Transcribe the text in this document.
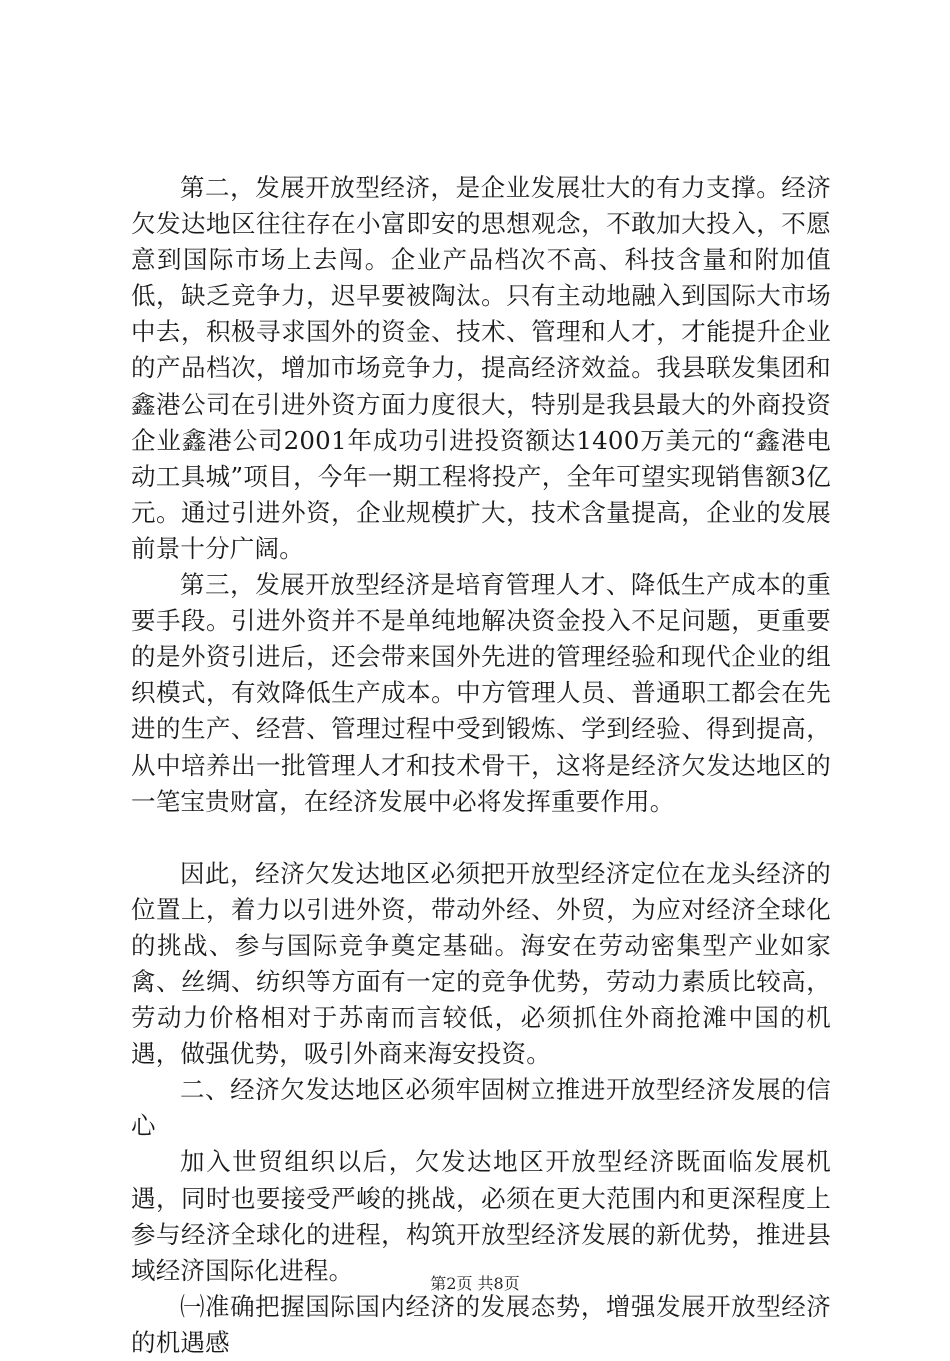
第二，发展开放型经济，是企业发展壮大的有力支撑。经济欠发达地区往往存在小富即安的思想观念，不敢加大投入，不愿意到国际市场上去闯。企业产品档次不高、科技含量和附加值低，缺乏竞争力，迟早要被陶汰。只有主动地融入到国际大市场中去，积极寻求国外的资金、技术、管理和人才，才能提升企业的产品档次，增加市场竞争力，提高经济效益。我县联发集团和鑫港公司在引进外资方面力度很大，特别是我县最大的外商投资企业鑫港公司2001年成功引进投资额达1400万美元的“鑫港电动工具城”项目，今年一期工程将投产，全年可望实现销售额3亿元。通过引进外资，企业规模扩大，技术含量提高，企业的发展前景十分广阔。

第三，发展开放型经济是培育管理人才、降低生产成本的重要手段。引进外资并不是单纯地解决资金投入不足问题，更重要的是外资引进后，还会带来国外先进的管理经验和现代企业的组织模式，有效降低生产成本。中方管理人员、普通职工都会在先进的生产、经营、管理过程中受到锻炼、学到经验、得到提高，从中培养出一批管理人才和技术骨干，这将是经济欠发达地区的一笔宝贵财富，在经济发展中必将发挥重要作用。

因此，经济欠发达地区必须把开放型经济定位在龙头经济的位置上，着力以引进外资，带动外经、外贸，为应对经济全球化的挑战、参与国际竞争奠定基础。海安在劳动密集型产业如家禽、丝绸、纺织等方面有一定的竞争优势，劳动力素质比较高，劳动力价格相对于苏南而言较低，必须抓住外商抢滩中国的机遇，做强优势，吸引外商来海安投资。

二、经济欠发达地区必须牢固树立推进开放型经济发展的信心

加入世贸组织以后，欠发达地区开放型经济既面临发展机遇，同时也要接受严峻的挑战，必须在更大范围内和更深程度上参与经济全球化的进程，构筑开放型经济发展的新优势，推进县域经济国际化进程。

㈠准确把握国际国内经济的发展态势，增强发展开放型经济的机遇感

第2页 共8页
